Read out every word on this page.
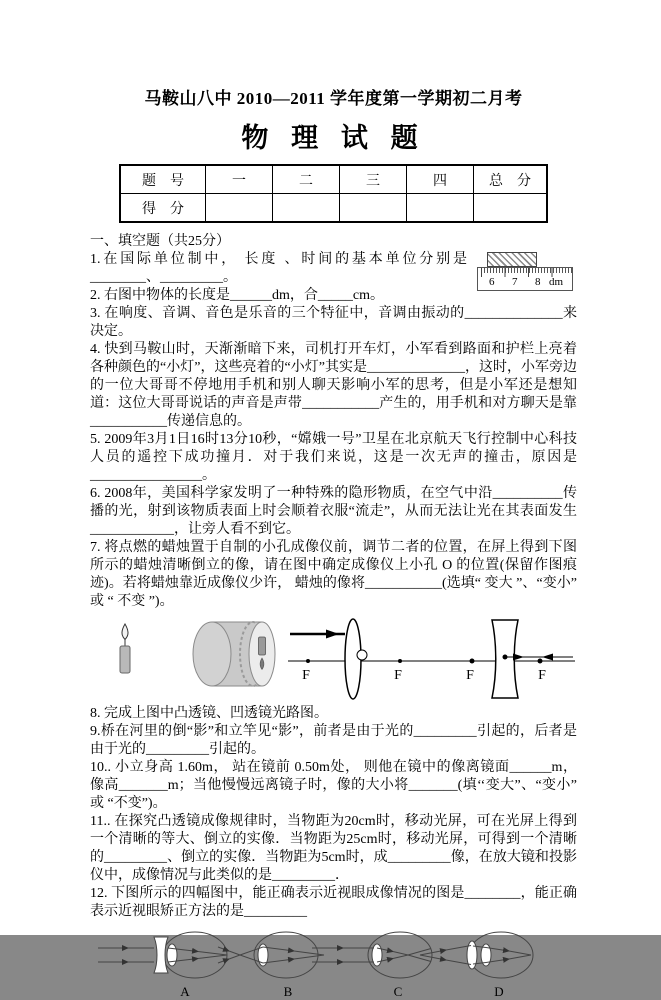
马鞍山八中 2010—2011 学年度第一学期初二月考
物 理 试 题
题　号	一	二	三	四	总　分
得　分					
一、填空题（共25分）
6 7 8 dm

1.在国际单位制中， 长度 、时间的基本单位分别是 ________、_________。

2. 右图中物体的长度是______dm，合_____cm。

3. 在响度、音调、音色是乐音的三个特征中，音调由振动的______________来决定。

4. 快到马鞍山时，天渐渐暗下来，司机打开车灯，小军看到路面和护栏上亮着各种颜色的“小灯”，这些亮着的“小灯”其实是______________，这时，小军旁边的一位大哥哥不停地用手机和别人聊天影响小军的思考，但是小军还是想知道：这位大哥哥说话的声音是声带___________产生的，用手机和对方聊天是靠___________传递信息的。

5. 2009年3月1日16时13分10秒，“嫦娥一号”卫星在北京航天飞行控制中心科技人员的遥控下成功撞月．对于我们来说，这是一次无声的撞击，原因是________________。

6. 2008年，美国科学家发明了一种特殊的隐形物质，在空气中沿__________传播的光，射到该物质表面上时会顺着衣服“流走”，从而无法让光在其表面发生____________，让旁人看不到它。

7. 将点燃的蜡烛置于自制的小孔成像仪前，调节二者的位置，在屏上得到下图所示的蜡烛清晰倒立的像，请在图中确定成像仪上小孔 O 的位置(保留作图痕迹)。若将蜡烛靠近成像仪少许， 蜡烛的像将___________(选填“ 变大 ”、“变小” 或 “ 不变 ”)。

F	F	F	F

8. 完成上图中凸透镜、凹透镜光路图。

9.桥在河里的倒“影”和立竿见“影”，前者是由于光的_________引起的，后者是由于光的_________引起的。

10.. 小立身高 1.60m， 站在镜前 0.50m处， 则他在镜中的像离镜面______m， 像高_______m；当他慢慢远离镜子时，像的大小将_______(填‘‘变大”、“变小” 或 “不变”)。

11.. 在探究凸透镜成像规律时，当物距为20cm时，移动光屏，可在光屏上得到一个清晰的等大、倒立的实像．当物距为25cm时，移动光屏，可得到一个清晰的_________、倒立的实像．当物距为5cm时，成_________像，在放大镜和投影仪中，成像情况与此类似的是_________．

12. 下图所示的四幅图中，能正确表示近视眼成像情况的图是________，能正确表示近视眼矫正方法的是_________

A	B	C	D
